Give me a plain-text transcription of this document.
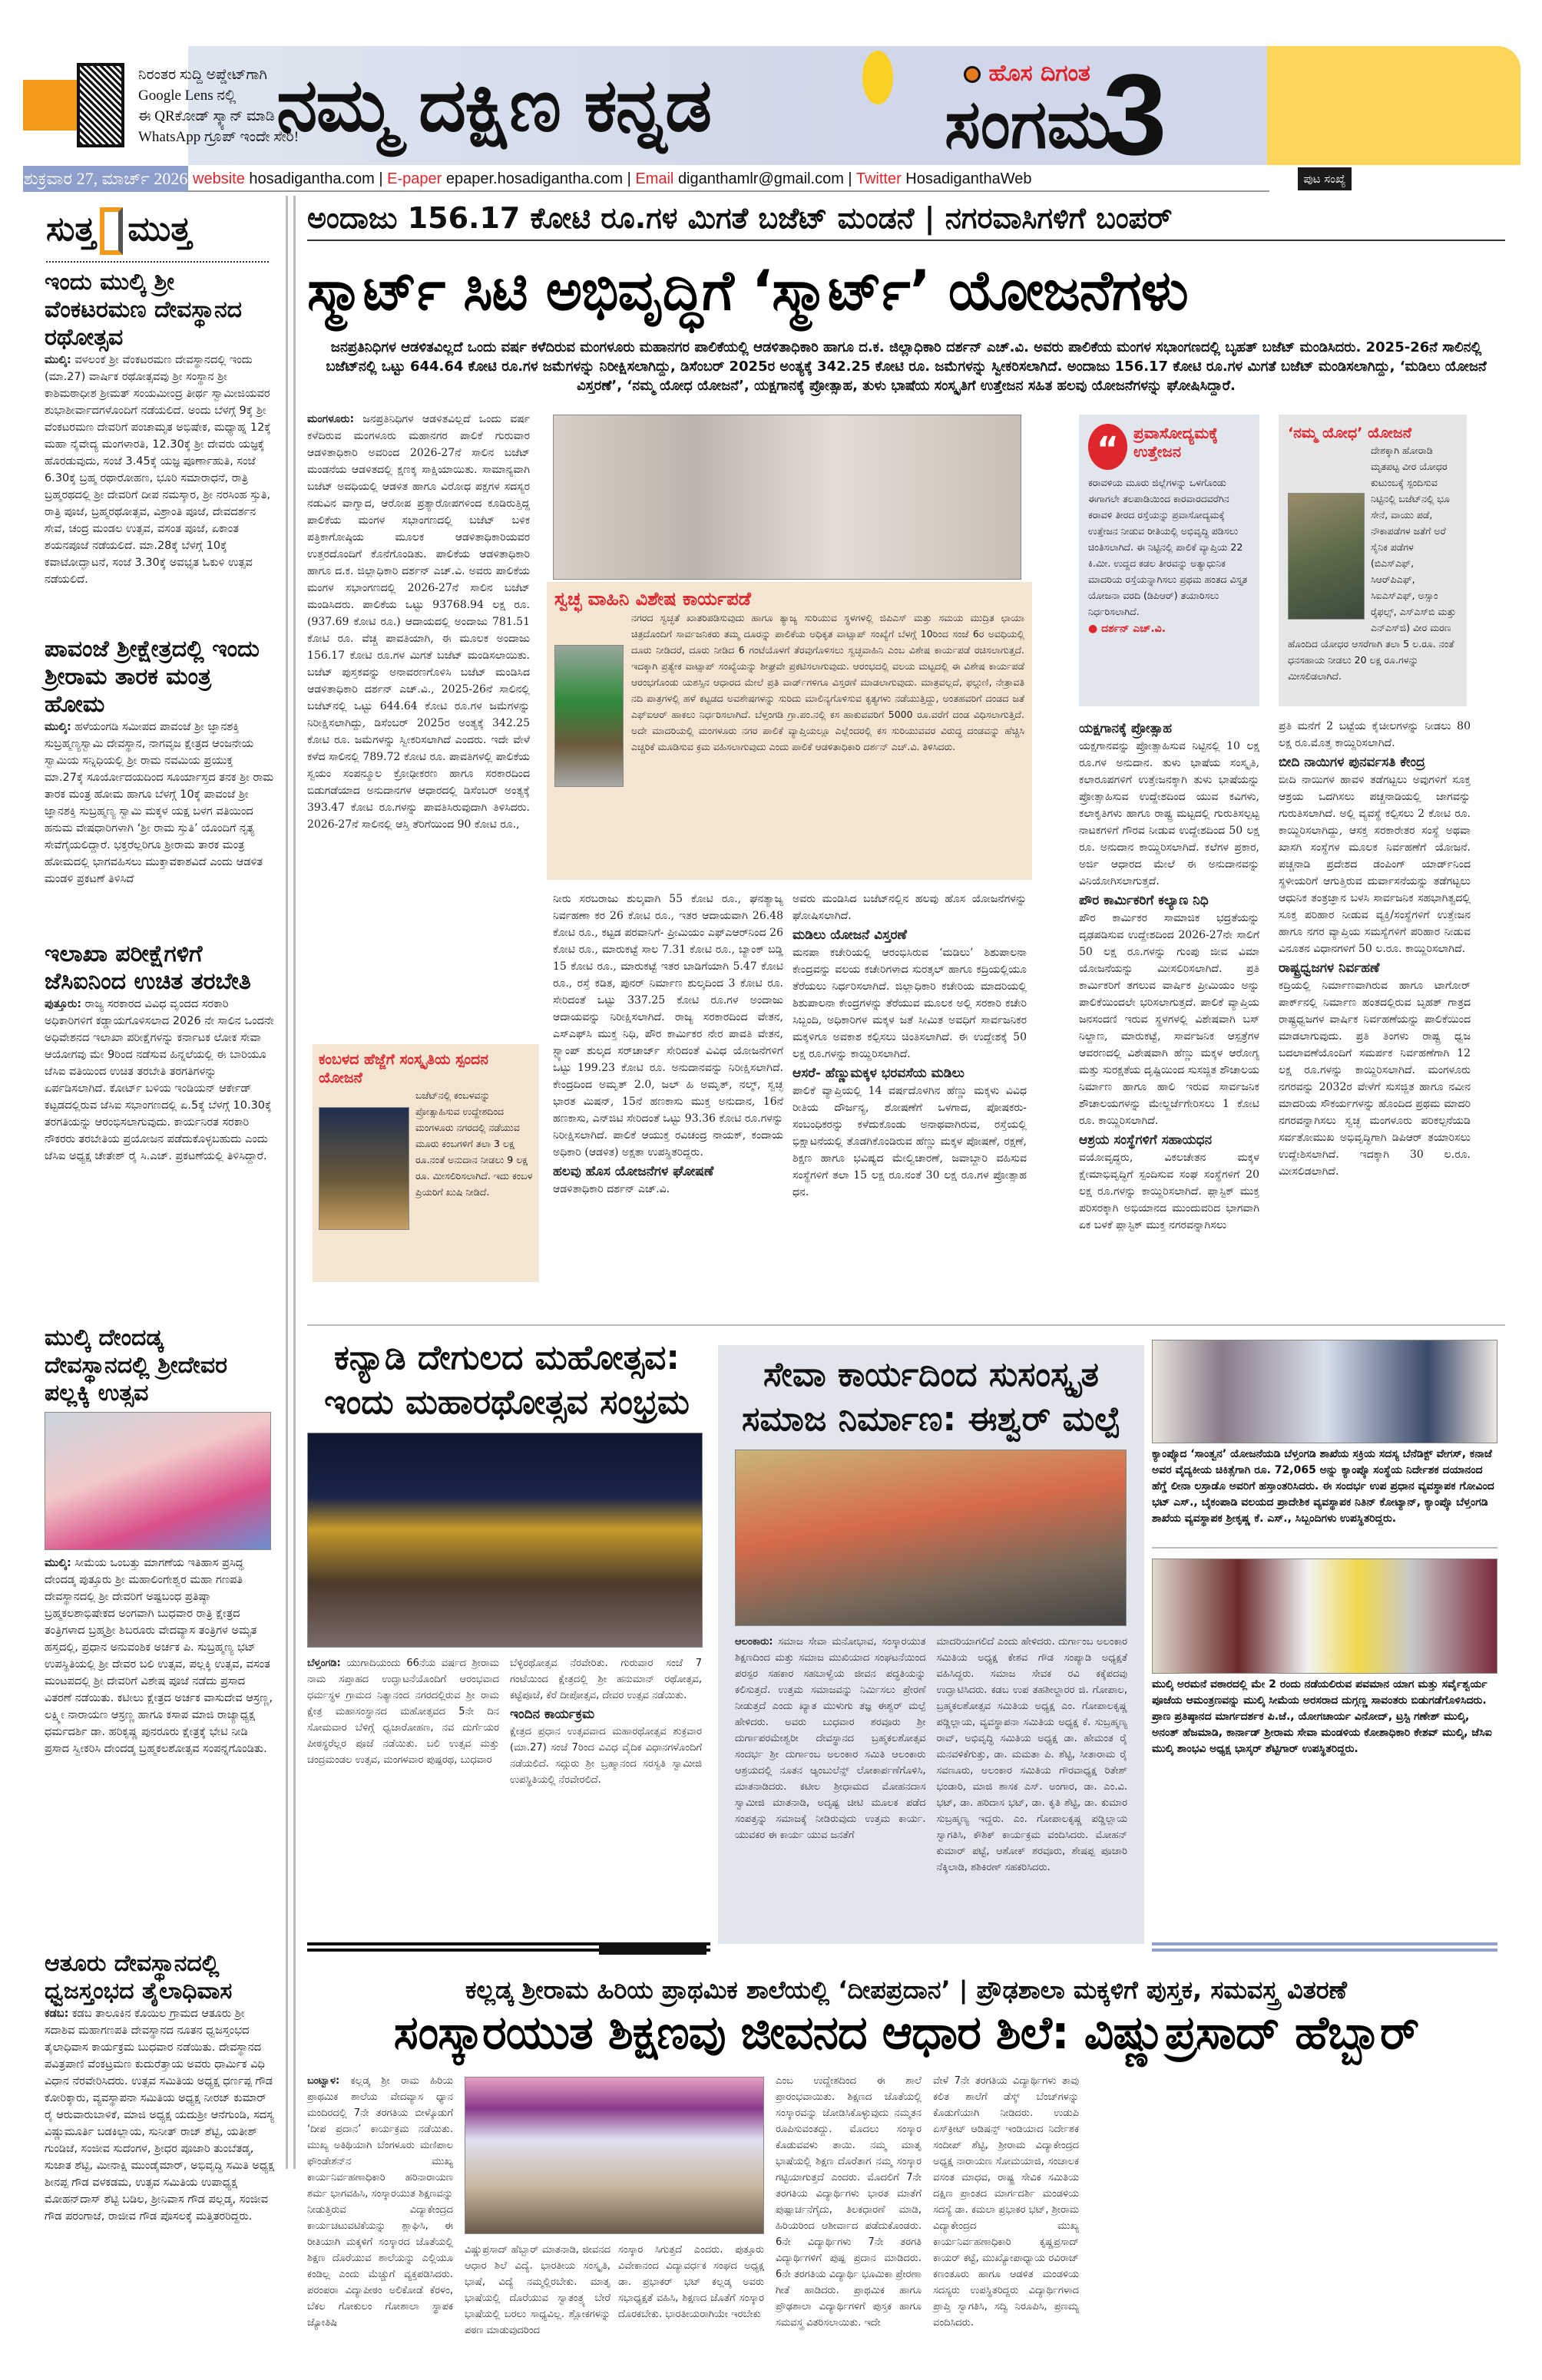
ನಿರಂತರ ಸುದ್ದಿ ಅಪ್ಡೇಟ್‌ಗಾಗಿ
Google Lens ನಲ್ಲಿ
ಈ QRಕೋಡ್ ಸ್ಕ್ಯಾನ್ ಮಾಡಿ
WhatsApp ಗ್ರೂಪ್ ಇಂದೇ ಸೇರಿ!
ನಮ್ಮ ದಕ್ಷಿಣ ಕನ್ನಡ	ಹೊಸ ದಿಗಂತ
ಸಂಗಮ
3
ಶುಕ್ರವಾರ 27, ಮಾರ್ಚ್ 2026 website hosadigantha.com | E-paper epaper.hosadigantha.com | Email diganthamlr@gmail.com | Twitter HosadiganthaWeb	ಪುಟ ಸಂಖ್ಯೆ
ಸುತ್ತ ಮುತ್ತ
ಇಂದು ಮುಲ್ಕಿ ಶ್ರೀ ವೆಂಕಟರಮಣ ದೇವಸ್ಥಾನದ ರಥೋತ್ಸವ
ಮುಲ್ಕಿ: ವಳಲಂಕೆ ಶ್ರೀ ವೆಂಕಟರಮಣ ದೇವಸ್ಥಾನದಲ್ಲಿ ಇಂದು (ಮಾ.27) ವಾರ್ಷಿಕ ರಥೋತ್ಸವವು ಶ್ರೀ ಸಂಸ್ಥಾನ ಶ್ರೀ ಕಾಶಿಮಠಾಧೀಶ ಶ್ರೀಮತ್ ಸಂಯಮೀಂದ್ರ ತೀರ್ಥ ಸ್ವಾಮೀಜಿಯವರ ಶುಭಾಶೀರ್ವಾದಗಳೊಂದಿಗೆ ನಡೆಯಲಿದೆ. ಅಂದು ಬೆಳಗ್ಗೆ 9ಕ್ಕೆ ಶ್ರೀ ವೆಂಕಟರಮಣ ದೇವರಿಗೆ ಪಂಚಾಮೃತ ಅಭಿಷೇಕ, ಮಧ್ಯಾಹ್ನ 12ಕ್ಕೆ ಮಹಾ ನೈವೇದ್ಯ ಮಂಗಳಾರತಿ, 12.30ಕ್ಕೆ ಶ್ರೀ ದೇವರು ಯಜ್ಞಕ್ಕೆ ಹೊರಡುವುದು, ಸಂಜೆ 3.45ಕ್ಕೆ ಯಜ್ಞ ಪೂರ್ಣಾಹುತಿ, ಸಂಜೆ 6.30ಕ್ಕೆ ಬ್ರಹ್ಮ ರಥಾರೋಹಣ, ಭೂರಿ ಸಮಾರಾಧನೆ, ರಾತ್ರಿ ಬ್ರಹ್ಮರಥದಲ್ಲಿ ಶ್ರೀ ದೇವರಿಗೆ ದೀಪ ನಮಸ್ಕಾರ, ಶ್ರೀ ನರಸಿಂಹ ಸ್ತುತಿ, ರಾತ್ರಿ ಪೂಜೆ, ಬ್ರಹ್ಮರಥೋತ್ಸವ, ವಿಶ್ರಾಂತಿ ಪೂಜೆ, ದೇವದರ್ಶನ ಸೇವೆ, ಚಂದ್ರ ಮಂಡಲ ಉತ್ಸವ, ವಸಂತ ಪೂಜೆ, ಏಕಾಂತ ಶಯನಪೂಜೆ ನಡೆಯಲಿದೆ. ಮಾ.28ಕ್ಕೆ ಬೆಳಗ್ಗೆ 10ಕ್ಕೆ ಕವಾಟೋದ್ಘಾಟನೆ, ಸಂಜೆ 3.30ಕ್ಕೆ ಅವಭೃತ ಓಕುಳಿ ಉತ್ಸವ ನಡೆಯಲಿದೆ.
ಪಾವಂಜೆ ಶ್ರೀಕ್ಷೇತ್ರದಲ್ಲಿ ಇಂದು ಶ್ರೀರಾಮ ತಾರಕ ಮಂತ್ರ ಹೋಮ
ಮುಲ್ಕಿ: ಹಳೆಯಂಗಡಿ ಸಮೀಪದ ಪಾವಂಜೆ ಶ್ರೀ ಜ್ಞಾನಶಕ್ತಿ ಸುಬ್ರಹ್ಮಣ್ಯಸ್ವಾಮಿ ದೇವಸ್ಥಾನ, ನಾಗವೃಜ ಕ್ಷೇತ್ರದ ಆಂಜನೇಯ ಸ್ವಾಮಿಯ ಸನ್ನಿಧಿಯಲ್ಲಿ ಶ್ರೀ ರಾಮ ನವಮಿಯ ಪ್ರಯುಕ್ತ ಮಾ.27ಕ್ಕೆ ಸೂರ್ಯೋದಯದಿಂದ ಸೂರ್ಯಾಸ್ತದ ತನಕ ಶ್ರೀ ರಾಮ ತಾರಕ ಮಂತ್ರ ಹೋಮ ಹಾಗೂ ಬೆಳಗ್ಗೆ 10ಕ್ಕೆ ಪಾವಂಜೆ ಶ್ರೀ ಜ್ಞಾನಶಕ್ತಿ ಸುಬ್ರಹ್ಮಣ್ಯ ಸ್ವಾಮಿ ಮಕ್ಕಳ ಯಕ್ಷ ಬಳಗ ವತಿಯಿಂದ ಹನುಮ ವೇಷಧಾರಿಗಳಾಗಿ ‘ಶ್ರೀ ರಾಮ ಸ್ತುತಿ’ ಯೊಂದಿಗೆ ನೃತ್ಯ ಸೇವೆಗೈಯಲಿದ್ದಾರೆ. ಭಕ್ತರೆಲ್ಲರಿಗೂ ಶ್ರೀರಾಮ ತಾರಕ ಮಂತ್ರ ಹೋಮದಲ್ಲಿ ಭಾಗವಹಿಸಲು ಮುಕ್ತಾವಕಾಶವಿದೆ ಎಂದು ಆಡಳಿತ ಮಂಡಳಿ ಪ್ರಕಟಣೆ ತಿಳಿಸಿದೆ
ಇಲಾಖಾ ಪರೀಕ್ಷೆಗಳಿಗೆ ಜೆಸಿಐನಿಂದ ಉಚಿತ ತರಬೇತಿ
ಪುತ್ತೂರು: ರಾಜ್ಯ ಸರಕಾರದ ವಿವಿಧ ವೃಂದದ ಸರಕಾರಿ ಅಧಿಕಾರಿಗಳಿಗೆ ಕಡ್ಡಾಯಗೊಳಿಸಲಾದ 2026 ನೇ ಸಾಲಿನ ಒಂದನೇ ಅಧಿವೇಶನದ ಇಲಾಖಾ ಪರೀಕ್ಷೆಗಳನ್ನು ಕರ್ನಾಟಕ ಲೋಕ ಸೇವಾ ಆಯೋಗವು ಮೇ 9ರಿಂದ ನಡೆಸುವ ಹಿನ್ನಲೆಯಲ್ಲಿ ಈ ಬಾರಿಯೂ ಜೆಸಿಐ ವತಿಯಿಂದ ಉಚಿತ ತರಬೇತಿ ತರಗತಿಗಳನ್ನು ಏರ್ಪಡಿಸಲಾಗಿದೆ. ಕೋರ್ಟ್ ಬಳಿಯ ಇಂಡಿಯನ್ ಆರ್ಕೇಡ್ ಕಟ್ಟಡದಲ್ಲಿರುವ ಜೆಸಿಐ ಸಭಾಂಗಣದಲ್ಲಿ ಏ.5ಕ್ಕೆ ಬೆಳಗ್ಗೆ 10.30ಕ್ಕೆ ತರಗತಿಯನ್ನು ಆರಂಭಿಸಲಾಗುವುದು. ಕಾರ್ಯನಿರತ ಸರಕಾರಿ ನೌಕರರು ತರಬೇತಿಯ ಪ್ರಯೋಜನ ಪಡೆದುಕೊಳ್ಳಬಹುದು ಎಂದು ಜೆಸಿಐ ಅಧ್ಯಕ್ಷ ಚೇತೇಶ್ ರೈ ಸಿ.ಎಚ್. ಪ್ರಕಟಣೆಯಲ್ಲಿ ತಿಳಿಸಿದ್ದಾರೆ.
ಮುಲ್ಕಿ ದೇಂದಡ್ಕ ದೇವಸ್ಥಾನದಲ್ಲಿ ಶ್ರೀದೇವರ ಪಲ್ಲಕ್ಕಿ ಉತ್ಸವ
ಮುಲ್ಕಿ: ಸೀಮೆಯ ಒಂಬತ್ತು ಮಾಗಣೆಯ ಇತಿಹಾಸ ಪ್ರಸಿದ್ಧ ದೇಂದಡ್ಕ ಪುತ್ತೂರು ಶ್ರೀ ಮಹಾಲಿಂಗೇಶ್ವರ ಮಹಾ ಗಣಪತಿ ದೇವಸ್ಥಾನದಲ್ಲಿ ಶ್ರೀ ದೇವರಿಗೆ ಅಷ್ಟಬಂಧ ಪ್ರತಿಷ್ಠಾ ಬ್ರಹ್ಮಕಲಶಾಭಿಷೇಕದ ಅಂಗವಾಗಿ ಬುಧವಾರ ರಾತ್ರಿ ಕ್ಷೇತ್ರದ ತಂತ್ರಿಗಳಾದ ಬ್ರಹ್ಮಶ್ರೀ ಶಿಬರೂರು ವೇದವ್ಯಾಸ ತಂತ್ರಿಗಳ ಅಮೃತ ಹಸ್ತದಲ್ಲಿ, ಪ್ರಧಾನ ಅನುವಂಶಿಕ ಅರ್ಚಕ ಪಿ. ಸುಬ್ರಹ್ಮಣ್ಯ ಭಟ್ ಉಪಸ್ಥಿತಿಯಲ್ಲಿ ಶ್ರೀ ದೇವರ ಬಲಿ ಉತ್ಸವ, ಪಲ್ಲಕ್ಕಿ ಉತ್ಸವ, ವಸಂತ ಮಂಟಪದಲ್ಲಿ ಶ್ರೀ ದೇವರಿಗೆ ವಿಶೇಷ ಪೂಜೆ ನಡೆದು ಪ್ರಸಾದ ವಿತರಣೆ ನಡೆಯಿತು. ಕಟೀಲು ಕ್ಷೇತ್ರದ ಅರ್ಚಕ ವಾಸುದೇವ ಆಸ್ರಣ್ಣ, ಲಕ್ಷ್ಮೀ ನಾರಾಯಣ ಆಸ್ರಣ್ಣ ಹಾಗೂ ಕಸಾಪ ಮಾಜಿ ರಾಜ್ಯಾಧ್ಯಕ್ಷ ಧರ್ಮದರ್ಶಿ ಡಾ. ಹರಿಕೃಷ್ಣ ಪುನರೂರು ಕ್ಷೇತ್ರಕ್ಕೆ ಭೇಟಿ ನೀಡಿ ಪ್ರಸಾದ ಸ್ವೀಕರಿಸಿ ದೇಂದಡ್ಕ ಬ್ರಹ್ಮಕಲಶೋತ್ಸವ ಸಂಪನ್ನಗೊಂಡಿತು.
ಆತೂರು ದೇವಸ್ಥಾನದಲ್ಲಿ ಧ್ವಜಸ್ತಂಭದ ತೈಲಾಧಿವಾಸ
ಕಡಬ: ಕಡಬ ತಾಲೂಕಿನ ಕೊಯಿಲ ಗ್ರಾಮದ ಆತೂರು ಶ್ರೀ ಸದಾಶಿವ ಮಹಾಗಣಪತಿ ದೇವಸ್ಥಾನದ ನೂತನ ಧ್ವಜಸ್ತಂಭದ ತೈಲಾಧಿವಾಸ ಕಾರ್ಯಕ್ರಮ ಬುಧವಾರ ನಡೆಯಿತು. ದೇವಸ್ಥಾನದ ಪವಿತ್ರಪಾಣಿ ವೆಂಕಟ್ರಮಣ ಕುದುರೆತ್ತಾಯ ಅವರು ಧಾರ್ಮಿಕ ವಿಧಿ ವಿಧಾನ ನೆರವೇರಿಸಿದರು. ಉತ್ಸವ ಸಮಿತಿಯ ಅಧ್ಯಕ್ಷ ಧರ್ಣಪ್ಪ ಗೌಡ ಕೋರಿಕ್ಕಾರು, ವ್ಯವಸ್ಥಾಪನಾ ಸಮಿತಿಯ ಅಧ್ಯಕ್ಷ ನೀರಜ್ ಕುಮಾರ್ ರೈ ಆರುವಾರುಬಾಳಿಕೆ, ಮಾಜಿ ಅಧ್ಯಕ್ಷ ಯದುಶ್ರೀ ಆನೆಗುಂಡಿ, ಸದಸ್ಯ ವಿಷ್ಣುಮೂರ್ತಿ ಬಡಕಿಲ್ಲಾಯ, ಸುನೀತ್ ರಾಜ್ ಶೆಟ್ಟಿ, ಯತೀಶ್ ಗುಂಡಿಜೆ, ಸಂಜೀವ ಸುದೆಂಗಳ, ಶ್ರೀಧರ ಪೂಜಾರಿ ತುಂಬೆತಡ್ಕ, ಸುಜಾತ ಶೆಟ್ಟಿ, ಮೀನಾಕ್ಷಿ ಮುಂಡೈಮಾರ್, ಅಭಿವೃದ್ಧಿ ಸಮಿತಿ ಅಧ್ಯಕ್ಷ ಶೀನಪ್ಪ ಗೌಡ ವಳಕಡಮ, ಉತ್ಸವ ಸಮಿತಿಯ ಉಪಾಧ್ಯಕ್ಷ ಮೋಹನ್‌ದಾಸ್ ಶೆಟ್ಟಿ ಬಡಿಲ, ಶ್ರೀನಿವಾಸ ಗೌಡ ಪಲ್ಲಡ್ಕ, ಸಂಜೀವ ಗೌಡ ಪರಂಗಾಜೆ, ರಾಜೀವ ಗೌಡ ಪೊಸಲಕ್ಕೆ ಮತ್ತಿತರರಿದ್ದರು.
ಅಂದಾಜು 156.17 ಕೋಟಿ ರೂ.ಗಳ ಮಿಗತೆ ಬಜೆಟ್ ಮಂಡನೆ | ನಗರವಾಸಿಗಳಿಗೆ ಬಂಪರ್
ಸ್ಮಾರ್ಟ್ ಸಿಟಿ ಅಭಿವೃದ್ಧಿಗೆ ‘ಸ್ಮಾರ್ಟ್’ ಯೋಜನೆಗಳು
ಜನಪ್ರತಿನಿಧಿಗಳ ಆಡಳಿತವಿಲ್ಲದೆ ಒಂದು ವರ್ಷ ಕಳೆದಿರುವ ಮಂಗಳೂರು ಮಹಾನಗರ ಪಾಲಿಕೆಯಲ್ಲಿ ಆಡಳಿತಾಧಿಕಾರಿ ಹಾಗೂ ದ.ಕ. ಜಿಲ್ಲಾಧಿಕಾರಿ ದರ್ಶನ್ ಎಚ್.ವಿ. ಅವರು ಪಾಲಿಕೆಯ ಮಂಗಳ ಸಭಾಂಗಣದಲ್ಲಿ ಬೃಹತ್ ಬಜೆಟ್ ಮಂಡಿಸಿದರು. 2025-26ನೆ ಸಾಲಿನಲ್ಲಿ ಬಜೆಟ್‌ನಲ್ಲಿ ಒಟ್ಟು 644.64 ಕೋಟಿ ರೂ.ಗಳ ಜಮೆಗಳನ್ನು ನಿರೀಕ್ಷಿಸಲಾಗಿದ್ದು, ಡಿಸೆಂಬರ್ 2025ರ ಅಂತ್ಯಕ್ಕೆ 342.25 ಕೋಟಿ ರೂ. ಜಮೆಗಳನ್ನು ಸ್ವೀಕರಿಸಲಾಗಿದೆ. ಅಂದಾಜು 156.17 ಕೋಟಿ ರೂ.ಗಳ ಮಿಗತೆ ಬಜೆಟ್ ಮಂಡಿಸಲಾಗಿದ್ದು, ‘ಮಡಿಲು ಯೋಜನೆ ವಿಸ್ತರಣೆ’, ‘ನಮ್ಮ ಯೋಧ ಯೋಜನೆ’, ಯಕ್ಷಗಾನಕ್ಕೆ ಪ್ರೋತ್ಸಾಹ, ತುಳು ಭಾಷೆಯ ಸಂಸ್ಕೃತಿಗೆ ಉತ್ತೇಜನ ಸಹಿತ ಹಲವು ಯೋಜನೆಗಳನ್ನು ಘೋಷಿಸಿದ್ದಾರೆ.
ಮಂಗಳೂರು: ಜನಪ್ರತಿನಿಧಿಗಳ ಆಡಳಿತವಿಲ್ಲದೆ ಒಂದು ವರ್ಷ ಕಳೆದಿರುವ ಮಂಗಳೂರು ಮಹಾನಗರ ಪಾಲಿಕೆ ಗುರುವಾರ ಆಡಳಿತಾಧಿಕಾರಿ ಅವರಿಂದ 2026-27ನೆ ಸಾಲಿನ ಬಜೆಟ್ ಮಂಡನೆಯ ಆಡಳಿತದಲ್ಲಿ ಕ್ಷಣಕ್ಕ ಸಾಕ್ಷಿಯಾಯಿತು. ಸಾಮಾನ್ಯವಾಗಿ ಬಜೆಟ್ ಅವಧಿಯಲ್ಲಿ ಆಡಳಿತ ಹಾಗೂ ವಿರೋಧ ಪಕ್ಷಗಳ ಸದಸ್ಯರ ನಡುವಿನ ವಾಗ್ವಾದ, ಆರೋಪ ಪ್ರತ್ಯಾರೋಪಗಳಿಂದ ಕೂಡಿರುತ್ತಿದ್ದ ಪಾಲಿಕೆಯ ಮಂಗಳ ಸಭಾಂಗಣದಲ್ಲಿ ಬಜೆಟ್ ಬಳಿಕ ಪತ್ರಿಕಾಗೋಷ್ಠಿಯ ಮೂಲಕ ಆಡಳಿತಾಧಿಕಾರಿಯವರ ಉತ್ತರದೊಂದಿಗೆ ಕೊನೆಗೊಂಡಿತು. ಪಾಲಿಕೆಯ ಆಡಳಿತಾಧಿಕಾರಿ ಹಾಗೂ ದ.ಕ. ಜಿಲ್ಲಾಧಿಕಾರಿ ದರ್ಶನ್ ಎಚ್.ವಿ. ಅವರು ಪಾಲಿಕೆಯ ಮಂಗಳ ಸಭಾಂಗಣದಲ್ಲಿ 2026-27ನೆ ಸಾಲಿನ ಬಜೆಟ್ ಮಂಡಿಸಿದರು. ಪಾಲಿಕೆಯ ಒಟ್ಟು 93768.94 ಲಕ್ಷ ರೂ. (937.69 ಕೋಟಿ ರೂ.) ಆದಾಯದಲ್ಲಿ ಅಂದಾಜು 781.51 ಕೋಟಿ ರೂ. ವೆಚ್ಚ ಪಾವತಿಯಾಗಿ, ಈ ಮೂಲಕ ಅಂದಾಜು 156.17 ಕೋಟಿ ರೂ.ಗಳ ಮಿಗತೆ ಬಜೆಟ್ ಮಂಡಿಸಲಾಯಿತು. ಬಜೆಟ್ ಪುಸ್ತಕವನ್ನು ಅನಾವರಣಗೊಳಿಸಿ ಬಜೆಟ್ ಮಂಡಿಸಿದ ಆಡಳಿತಾಧಿಕಾರಿ ದರ್ಶನ್ ಎಚ್.ವಿ., 2025-26ನೆ ಸಾಲಿನಲ್ಲಿ ಬಜೆಟ್‌ನಲ್ಲಿ ಒಟ್ಟು 644.64 ಕೋಟಿ ರೂ.ಗಳ ಜಮೆಗಳನ್ನು ನಿರೀಕ್ಷಿಸಲಾಗಿದ್ದು, ಡಿಸೆಂಬರ್ 2025ರ ಅಂತ್ಯಕ್ಕೆ 342.25 ಕೋಟಿ ರೂ. ಜಮೆಗಳನ್ನು ಸ್ವೀಕರಿಸಲಾಗಿದೆ ಎಂದರು. ಇದೇ ವೇಳೆ ಕಳೆದ ಸಾಲಿನಲ್ಲಿ 789.72 ಕೋಟಿ ರೂ. ಪಾವತಿಗಳಲ್ಲಿ ಪಾಲಿಕೆಯ ಸ್ವಯಂ ಸಂಪನ್ಮೂಲ ಕ್ರೋಢೀಕರಣ ಹಾಗೂ ಸರಕಾರದಿಂದ ಬಿಡುಗಡೆಯಾದ ಅನುದಾನಗಳ ಆಧಾರದಲ್ಲಿ ಡಿಸೆಂಬರ್ ಅಂತ್ಯಕ್ಕೆ 393.47 ಕೋಟಿ ರೂ.ಗಳನ್ನು ಪಾವತಿಸಿರುವುದಾಗಿ ತಿಳಿಸಿದರು. 2026-27ನೆ ಸಾಲಿನಲ್ಲಿ ಆಸ್ತಿ ತೆರಿಗೆಯಿಂದ 90 ಕೋಟಿ ರೂ.,
ಸ್ವಚ್ಛ ವಾಹಿನಿ ವಿಶೇಷ ಕಾರ್ಯಪಡೆ
ನಗರದ ಸ್ವಚ್ಛತೆ ಖಾತರಿಪಡಿಸುವುದು ಹಾಗೂ ತ್ಯಾಜ್ಯ ಸುರಿಯುವ ಸ್ಥಳಗಳಲ್ಲಿ ಜಿಪಿಎಸ್ ಮತ್ತು ಸಮಯ ಮುದ್ರಿತ ಛಾಯಾ ಚಿತ್ರದೊಂದಿಗೆ ಸಾರ್ವಜನಿಕರು ತಮ್ಮ ದೂರನ್ನು ಪಾಲಿಕೆಯ ಅಧಿಕೃತ ವಾಟ್ಸಾಪ್ ಸಂಖ್ಯೆಗೆ ಬೆಳಗ್ಗೆ 10ರಿಂದ ಸಂಜೆ 6ರ ಅವಧಿಯಲ್ಲಿ ದೂರು ನೀಡಿದರೆ, ದೂರು ನೀಡಿದ 6 ಗಂಟೆಯೊಳಗೆ ತೆರವುಗೊಳಿಸಲು ಸ್ವಚ್ಛವಾಹಿನಿ ಎಂಬ ವಿಶೇಷ ಕಾರ್ಯಪಡೆ ರಚಿಸಲಾಗುತ್ತದೆ. ಇದಕ್ಕಾಗಿ ಪ್ರತ್ಯೇಕ ವಾಟ್ಸಾಪ್ ಸಂಖ್ಯೆಯನ್ನು ಶೀಘ್ರವೇ ಪ್ರಕಟಿಸಲಾಗುವುದು. ಆರಂಭದಲ್ಲಿ ವಲಯ ಮಟ್ಟದಲ್ಲಿ ಈ ವಿಶೇಷ ಕಾರ್ಯಪಡೆ ಆರಂಭಗೊಂಡು ಯಶಸ್ಸಿನ ಆಧಾರದ ಮೇಲೆ ಪ್ರತಿ ವಾರ್ಡ್‌ಗಳಿಗೂ ವಿಸ್ತರಣೆ ಮಾಡಲಾಗುವುದು. ಮಾತ್ರವಲ್ಲದೆ, ಫಲ್ಗುಣಿ, ನೇತ್ರಾವತಿ ನದಿ ಪಾತ್ರಗಳಲ್ಲಿ ಹಳೆ ಕಟ್ಟಡದ ಅವಶೇಷಗಳನ್ನು ಸುರಿದು ಮಾಲಿನ್ಯಗೊಳಿಸುವ ಕೃತ್ಯಗಳು ನಡೆಯುತ್ತಿದ್ದು, ಅಂತಹವರಿಗೆ ದಂಡದ ಜತೆ ಎಫ್‌ಐಆರ್ ಹಾಕಲು ನಿರ್ಧರಿಸಲಾಗಿದೆ. ಬೆಳ್ತಂಗಡಿ ಗ್ರಾ.ಪಂ.ನಲ್ಲಿ ಕಸ ಹಾಕುವವರಿಗೆ 5000 ರೂ.ವರೆಗೆ ದಂಡ ವಿಧಿಸಲಾಗುತ್ತಿದೆ. ಅದೇ ಮಾದರಿಯಲ್ಲಿ ಮಂಗಳೂರು ನಗರ ಪಾಲಿಕೆ ವ್ಯಾಪ್ತಿಯಲ್ಲೂ ಎಲ್ಲೆಂದರಲ್ಲಿ ಕಸ ಸುರಿಯುವವರ ವಿರುದ್ಧ ದಂಡವನ್ನು ಹೆಚ್ಚಿಸಿ ಎಚ್ಚರಿಕೆ ಮೂಡಿಸುವ ಕ್ರಮ ವಹಿಸಲಾಗುವುದು ಎಂದು ಪಾಲಿಕೆ ಆಡಳಿತಾಧಿಕಾರಿ ದರ್ಶನ್ ಎಚ್.ವಿ. ತಿಳಿಸಿದರು.
“ ಪ್ರವಾಸೋದ್ಯಮಕ್ಕೆ ಉತ್ತೇಜನ
ಕರಾವಳಿಯ ಮೂರು ಜಿಲ್ಲೆಗಳನ್ನು ಒಳಗೊಂಡು ಈಗಾಗಲೇ ತಲಪಾಡಿಯಿಂದ ಕಾರವಾರದವರೆಗಿನ ಕರಾವಳಿ ತೀರದ ರಸ್ತೆಯನ್ನು ಪ್ರವಾಸೋದ್ಯಮಕ್ಕೆ ಉತ್ತೇಜನ ನೀಡುವ ರೀತಿಯಲ್ಲಿ ಅಭಿವೃದ್ಧಿ ಪಡಿಸಲು ಚಿಂತಿಸಲಾಗಿದೆ. ಈ ನಿಟ್ಟಿನಲ್ಲಿ ಪಾಲಿಕೆ ವ್ಯಾಪ್ತಿಯ 22 ಕಿ.ಮೀ. ಉದ್ದದ ಕಡಲ ತೀರವನ್ನು ಅತ್ಯಾಧುನಿಕ ಮಾದರಿಯ ರಸ್ತೆಯನ್ನಾಗಿಸಲು ಪ್ರಥಮ ಹಂತದ ವಿಸ್ತೃತ ಯೋಜನಾ ವರದಿ (ಡಿಪಿಆರ್) ತಯಾರಿಸಲು ನಿರ್ಧರಿಸಲಾಗಿದೆ.
● ದರ್ಶನ್ ಎಚ್.ವಿ.
‘ನಮ್ಮ ಯೋಧ’ ಯೋಜನೆ
ದೇಶಕ್ಕಾಗಿ ಹೋರಾಡಿ ಮೃತಪಟ್ಟ ವೀರ ಯೋಧರ ಕುಟುಂಬಕ್ಕೆ ಸ್ಪಂದಿಸುವ ನಿಟ್ಟಿನಲ್ಲಿ ಬಜೆಟ್‌ನಲ್ಲಿ ಭೂ ಸೇನೆ, ವಾಯು ಪಡೆ, ನೌಕಾಪಡೆಗಳ ಜತೆಗೆ ಅರೆ ಸೈನಿಕ ಪಡೆಗಳ (ಬಿಎಸ್‌ಎಫ್, ಸಿಆರ್‌ಪಿಎಫ್, ಸಿಐಎಸ್‌ಎಫ್, ಅಸ್ಸಾಂ ರೈಫಲ್ಸ್, ಎಸ್‌ಎಸ್‌ಬಿ ಮತ್ತು ಎನ್‌ಎಸ್‌ಜಿ) ವೀರ ಮರಣ ಹೊಂದಿದ ಯೋಧರ ಆಸರೆಗಾಗಿ ತಲಾ 5 ಲ.ರೂ. ನಂತೆ ಧನಸಹಾಯ ನೀಡಲು 20 ಲಕ್ಷ ರೂ.ಗಳನ್ನು ಮೀಸಲಿಡಲಾಗಿದೆ.
ಕಂಬಳದ ಹೆಜ್ಜೆಗೆ ಸಂಸ್ಕೃತಿಯ ಸ್ಪಂದನ ಯೋಜನೆ
ಬಜೆಟ್‌ನಲ್ಲಿ ಕಂಬಳವನ್ನು ಪ್ರೋತ್ಸಾಹಿಸುವ ಉದ್ದೇಶದಿಂದ ಮಂಗಳೂರು ನಗರದಲ್ಲಿ ನಡೆಯುವ ಮೂರು ಕಂಬಗಳಿಗೆ ತಲಾ 3 ಲಕ್ಷ ರೂ.ನಂತೆ ಅನುದಾನ ನೀಡಲು 9 ಲಕ್ಷ ರೂ. ಮೀಸಲಿರಿಸಲಾಗಿದೆ. ಇದು ಕಂಬಳ ಪ್ರಿಯರಿಗೆ ಖುಷಿ ನೀಡಿದೆ.
ನೀರು ಸರಬರಾಜು ಶುಲ್ಕವಾಗಿ 55 ಕೋಟಿ ರೂ., ಘನತ್ಯಾಜ್ಯ ನಿರ್ವಹಣಾ ಕರ 26 ಕೋಟಿ ರೂ., ಇತರ ಆದಾಯವಾಗಿ 26.48 ಕೋಟಿ ರೂ., ಕಟ್ಟಡ ಪರವಾನಿಗೆ- ಪ್ರೀಮಿಯಂ ಎಫ್‌ಎಆರ್‌ನಿಂದ 26 ಕೋಟಿ ರೂ., ಮಾರುಕಟ್ಟೆ ಸಾಲ 7.31 ಕೋಟಿ ರೂ., ಬ್ಯಾಂಕ್ ಬಡ್ಡಿ 15 ಕೋಟಿ ರೂ., ಮಾರುಕಟ್ಟೆ ಇತರ ಬಾಡಿಗೆಯಾಗಿ 5.47 ಕೋಟಿ ರೂ., ರಸ್ತೆ ಕಡಿತ, ಪುನರ್ ನಿರ್ಮಾಣ ಶುಲ್ಕದಿಂದ 3 ಕೋಟಿ ರೂ. ಸೇರಿದಂತೆ ಒಟ್ಟು 337.25 ಕೋಟಿ ರೂ.ಗಳ ಅಂದಾಜು ಆದಾಯವನ್ನು ನಿರೀಕ್ಷಿಸಲಾಗಿದೆ. ರಾಜ್ಯ ಸರಕಾರದಿಂದ ವೇತನ, ಎಸ್‌ಎಫ್‌ಸಿ ಮುಕ್ತ ನಿಧಿ, ಪೌರ ಕಾರ್ಮಿಕರ ನೇರ ಪಾವತಿ ವೇತನ, ಸ್ಟ್ಯಾಂಪ್ ಶುಲ್ಕದ ಸರ್‌ಚಾರ್ಜ್ ಸೇರಿದಂತೆ ವಿವಿಧ ಯೋಜನೆಗಳಿಗೆ ಒಟ್ಟು 199.23 ಕೋಟಿ ರೂ. ಅನುದಾನವನ್ನು ನಿರೀಕ್ಷಿಸಲಾಗಿದೆ. ಕೇಂದ್ರದಿಂದ ಅಮೃತ್ 2.0, ಜಲ್ ಹಿ ಅಮೃತ್, ನಲ್ಮ್, ಸ್ವಚ್ಛ ಭಾರತ ಮಿಷನ್, 15ನೆ ಹಣಕಾಸು ಮುಕ್ತ ಅನುದಾನ, 16ನೆ ಹಣಕಾಸು, ಎನ್‌ಜಿಟಿ ಸೇರಿದಂತೆ ಒಟ್ಟು 93.36 ಕೋಟಿ ರೂ.ಗಳನ್ನು ನಿರೀಕ್ಷಿಸಲಾಗಿದೆ. ಪಾಲಿಕೆ ಆಯುಕ್ತ ರವಿಚಂದ್ರ ನಾಯಕ್, ಕಂದಾಯ ಅಧಿಕಾರಿ (ಆಡಳಿತ) ಅಕ್ಷತಾ ಉಪಸ್ಥಿತರಿದ್ದರು.
ಹಲವು ಹೊಸ ಯೋಜನೆಗಳ ಘೋಷಣೆ
ಆಡಳಿತಾಧಿಕಾರಿ ದರ್ಶನ್ ಎಚ್.ವಿ.
ಅವರು ಮಂಡಿಸಿದ ಬಜೆಟ್‌ನಲ್ಲಿನ ಹಲವು ಹೊಸ ಯೋಜನೆಗಳನ್ನು ಘೋಷಿಸಲಾಗಿದೆ.
ಮಡಿಲು ಯೋಜನೆ ವಿಸ್ತರಣೆ
ಮನಪಾ ಕಚೇರಿಯಲ್ಲಿ ಆರಂಭಿಸಿರುವ ‘ಮಡಿಲು’ ಶಿಶುಪಾಲನಾ ಕೇಂದ್ರವನ್ನು ವಲಯ ಕಚೇರಿಗಳಾದ ಸುರತ್ಕಲ್ ಹಾಗೂ ಕದ್ರಿಯಲ್ಲಿಯೂ ತೆರೆಯಲು ನಿರ್ಧರಿಸಲಾಗಿದೆ. ಜಿಲ್ಲಾಧಿಕಾರಿ ಕಚೇರಿಯ ಮಾದರಿಯಲ್ಲಿ ಶಿಶುಪಾಲನಾ ಕೇಂದ್ರಗಳನ್ನು ತೆರೆಯುವ ಮೂಲಕ ಅಲ್ಲಿ ಸರಕಾರಿ ಕಚೇರಿ ಸಿಬ್ಬಂದಿ, ಅಧಿಕಾರಿಗಳ ಮಕ್ಕಳ ಜತೆ ಸೀಮಿತ ಅವಧಿಗೆ ಸಾರ್ವಜನಿಕರ ಮಕ್ಕಳಿಗೂ ಅವಕಾಶ ಕಲ್ಪಿಸಲು ಚಿಂತಿಸಲಾಗಿದೆ. ಈ ಉದ್ದೇಶಕ್ಕೆ 50 ಲಕ್ಷ ರೂ.ಗಳನ್ನು ಕಾಯ್ದಿರಿಸಲಾಗಿದೆ.
ಆಸರೆ- ಹೆಣ್ಣುಮಕ್ಕಳ ಭರವಸೆಯ ಮಡಿಲು
ಪಾಲಿಕೆ ವ್ಯಾಪ್ತಿಯಲ್ಲಿ 14 ವರ್ಷದೊಳಗಿನ ಹೆಣ್ಣು ಮಕ್ಕಳು ವಿವಿಧ ರೀತಿಯ ದೌರ್ಜನ್ಯ, ಶೋಷಣೆಗೆ ಒಳಗಾದ, ಪೋಷಕರು- ಸಂಬಂಧಿಕರನ್ನು ಕಳೆದುಕೊಂಡು ಅನಾಥವಾಗಿರುವ, ರಸ್ತೆಯಲ್ಲಿ ಭಿಕ್ಷಾಟನೆಯಲ್ಲಿ ತೊಡಗಿಕೊಂಡಿರುವ ಹೆಣ್ಣು ಮಕ್ಕಳ ಪೋಷಣೆ, ರಕ್ಷಣೆ, ಶಿಕ್ಷಣ ಹಾಗೂ ಭವಿಷ್ಯದ ಮೇಲ್ವಿಚಾರಣೆ, ಜವಾಬ್ದಾರಿ ವಹಿಸುವ ಸಂಸ್ಥೆಗಳಿಗೆ ತಲಾ 15 ಲಕ್ಷ ರೂ.ನಂತೆ 30 ಲಕ್ಷ ರೂ.ಗಳ ಪ್ರೋತ್ಸಾಹ ಧನ.
ಯಕ್ಷಗಾನಕ್ಕೆ ಪ್ರೋತ್ಸಾಹ
ಯಕ್ಷಗಾನವನ್ನು ಪ್ರೋತ್ಸಾಹಿಸುವ ನಿಟ್ಟಿನಲ್ಲಿ 10 ಲಕ್ಷ ರೂ.ಗಳ ಅನುದಾನ. ತುಳು ಭಾಷೆಯ ಸಂಸ್ಕೃತಿ, ಕಲಾರೂಪಗಳಿಗೆ ಉತ್ತೇಜನಕ್ಕಾಗಿ ತುಳು ಭಾಷೆಯನ್ನು ಪ್ರೋತ್ಸಾಹಿಸುವ ಉದ್ದೇಶದಿಂದ ಯುವ ಕವಿಗಳು, ಕಲಾಕೃತಿಗಳು ಹಾಗೂ ರಾಷ್ಟ್ರ ಮಟ್ಟದಲ್ಲಿ ಗುರುತಿಸಲ್ಪಟ್ಟ ನಾಟಕಗಳಿಗೆ ಗೌರವ ನೀಡುವ ಉದ್ದೇಶದಿಂದ 50 ಲಕ್ಷ ರೂ. ಅನುದಾನ ಕಾಯ್ದಿರಿಸಲಾಗಿದೆ. ಕಲೆಗಳ ಪ್ರಕಾರ, ಅರ್ಜಿ ಆಧಾರದ ಮೇಲೆ ಈ ಅನುದಾನವನ್ನು ವಿನಿಯೋಗಿಸಲಾಗುತ್ತದೆ.
ಪೌರ ಕಾರ್ಮಿಕರಿಗೆ ಕಲ್ಯಾಣ ನಿಧಿ
ಪೌರ ಕಾರ್ಮಿಕರ ಸಾಮಾಜಿಕ ಭದ್ರತೆಯನ್ನು ದೃಢಪಡಿಸುವ ಉದ್ದೇಶದಿಂದ 2026-27ನೇ ಸಾಲಿಗೆ 50 ಲಕ್ಷ ರೂ.ಗಳನ್ನು ಗುಂಪು ಜೀವ ವಿಮಾ ಯೋಜನೆಯನ್ನು ಮೀಸಲಿರಿಸಲಾಗಿದೆ. ಪ್ರತಿ ಕಾರ್ಮಿಕರಿಗೆ ತಗಲುವ ವಾರ್ಷಿಕ ಪ್ರೀಮಿಯಂ ಅನ್ನು ಪಾಲಿಕೆಯಿಂದಲೇ ಭರಿಸಲಾಗುತ್ತದೆ. ಪಾಲಿಕೆ ವ್ಯಾಪ್ತಿಯ ಜನಸಂದಣಿ ಇರುವ ಸ್ಥಳಗಳಲ್ಲಿ ವಿಶೇಷವಾಗಿ ಬಸ್ ನಿಲ್ದಾಣ, ಮಾರುಕಟ್ಟೆ, ಸಾರ್ವಜನಿಕ ಆಸ್ಪತ್ರೆಗಳ ಆವರಣದಲ್ಲಿ ವಿಶೇಷವಾಗಿ ಹೆಣ್ಣು ಮಕ್ಕಳ ಆರೋಗ್ಯ ಮತ್ತು ಸುರಕ್ಷತೆಯ ದೃಷ್ಟಿಯಿಂದ ಸುಸಜ್ಜಿತ ಶೌಚಾಲಯ ನಿರ್ಮಾಣ ಹಾಗೂ ಹಾಲಿ ಇರುವ ಸಾರ್ವಜನಿಕ ಶೌಚಾಲಯಗಳನ್ನು ಮೇಲ್ದರ್ಜೆಗೇರಿಸಲು 1 ಕೋಟಿ ರೂ. ಕಾಯ್ದಿರಿಸಲಾಗಿದೆ.
ಆಶ್ರಯ ಸಂಸ್ಥೆಗಳಿಗೆ ಸಹಾಯಧನ
ವಯೋವೃದ್ಧರು, ವಿಕಲಚೇತನ ಮಕ್ಕಳ ಕ್ಷೇಮಾಭಿವೃದ್ಧಿಗೆ ಸ್ಪಂದಿಸುವ ಸಂಘ ಸಂಸ್ಥೆಗಳಿಗೆ 20 ಲಕ್ಷ ರೂ.ಗಳನ್ನು ಕಾಯ್ದಿರಿಸಲಾಗಿದೆ. ಪ್ಲಾಸ್ಟಿಕ್ ಮುಕ್ತ ಪರಿಸರಕ್ಕಾಗಿ ಅಭಿಯಾನದ ಮುಂದುವರಿದ ಭಾಗವಾಗಿ ಏಕ ಬಳಕೆ ಪ್ಲಾಸ್ಟಿಕ್ ಮುಕ್ತ ನಗರವನ್ನಾಗಿಸಲು
ಪ್ರತಿ ಮನೆಗೆ 2 ಬಟ್ಟೆಯ ಕೈಚೀಲಗಳನ್ನು ನೀಡಲು 80 ಲಕ್ಷ ರೂ.ಮೊತ್ತ ಕಾಯ್ದಿರಿಸಲಾಗಿದೆ.
ಬೀದಿ ನಾಯಿಗಳ ಪುನರ್ವಸತಿ ಕೇಂದ್ರ
ಬೀದಿ ನಾಯಿಗಳ ಹಾವಳಿ ತಡೆಗಟ್ಟಲು ಅವುಗಳಿಗೆ ಸೂಕ್ತ ಆಶ್ರಯ ಒದಗಿಸಲು ಪಚ್ಚನಾಡಿಯಲ್ಲಿ ಜಾಗವನ್ನು ಗುರುತಿಸಲಾಗಿದೆ. ಅಲ್ಲಿ ವ್ಯವಸ್ಥೆ ಕಲ್ಪಿಸಲು 2 ಕೋಟಿ ರೂ. ಕಾಯ್ದಿರಿಸಲಾಗಿದ್ದು, ಆಸಕ್ತ ಸರಕಾರೇತರ ಸಂಸ್ಥೆ ಅಥವಾ ಖಾಸಗಿ ಸಂಸ್ಥೆಗಳ ಮೂಲಕ ನಿರ್ವಹಣೆಗೆ ಯೋಜನೆ. ಪಚ್ಚನಾಡಿ ಪ್ರದೇಶದ ಡಂಪಿಂಗ್ ಯಾರ್ಡ್‌ನಿಂದ ಸ್ಥಳೀಯರಿಗೆ ಆಗುತ್ತಿರುವ ದುರ್ವಾಸನೆಯನ್ನು ತಡೆಗಟ್ಟಲು ಆಧುನಿಕ ತಂತ್ರಜ್ಞಾನ ಬಳಸಿ ಸಾರ್ವಜನಿಕ ಸಹಭಾಗಿತ್ವದಲ್ಲಿ ಸೂಕ್ತ ಪರಿಹಾರ ನೀಡುವ ವ್ಯಕ್ತಿ/ಸಂಸ್ಥೆಗಳಿಗೆ ಉತ್ತೇಜನ ಹಾಗೂ ನಗರ ವ್ಯಾಪ್ತಿಯ ಸಮಸ್ಯೆಗಳಿಗೆ ಪರಿಹಾರ ನೀಡುವ ವಿನೂತನ ವಿಧಾನಗಳಿಗೆ 50 ಲ.ರೂ. ಕಾಯ್ದಿರಿಸಲಾಗಿದೆ.
ರಾಷ್ಟ್ರಧ್ವಜಗಳ ನಿರ್ವಹಣೆ
ಕದ್ರಿಯಲ್ಲಿ ನಿರ್ಮಾಣವಾಗಿರುವ ಹಾಗೂ ಟಾಗೋರ್ ಪಾರ್ಕ್‌ನಲ್ಲಿ ನಿರ್ಮಾಣ ಹಂತದಲ್ಲಿರುವ ಬೃಹತ್ ಗಾತ್ರದ ರಾಷ್ಟ್ರಧ್ವಜಗಳ ವಾರ್ಷಿಕ ನಿರ್ವಹಣೆಯನ್ನು ಪಾಲಿಕೆಯಿಂದ ಮಾಡಲಾಗುವುದು. ಪ್ರತಿ ತಿಂಗಳು ರಾಷ್ಟ್ರ ಧ್ವಜ ಬದಲಾವಣೆಯೊಂದಿಗೆ ಸಮರ್ಪಕ ನಿರ್ವಹಣೆಗಾಗಿ 12 ಲಕ್ಷ ರೂ.ಗಳನ್ನು ಕಾಯ್ದಿರಿಸಲಾಗಿದೆ. ಮಂಗಳೂರು ನಗರವನ್ನು 2032ರ ವೇಳೆಗೆ ಸುಸಜ್ಜಿತ ಹಾಗೂ ನವೀನ ಮಾದರಿಯ ಸೌಕರ್ಯಗಳನ್ನು ಹೊಂದಿದ ಪ್ರಥಮ ಮಾದರಿ ನಗರವನ್ನಾಗಿಸಲು ಸ್ವಚ್ಛ ಮಂಗಳೂರು ಪರಿಕಲ್ಪನೆಯಡಿ ಸರ್ವತೋಮುಖ ಅಭಿವೃದ್ಧಿಗಾಗಿ ಡಿಪಿಆರ್ ತಯಾರಿಸಲು ಉದ್ದೇಶಿಸಲಾಗಿದೆ. ಇದಕ್ಕಾಗಿ 30 ಲ.ರೂ. ಮೀಸಲಿಡಲಾಗಿದೆ.
ಕನ್ಯಾಡಿ ದೇಗುಲದ ಮಹೋತ್ಸವ: ಇಂದು ಮಹಾರಥೋತ್ಸವ ಸಂಭ್ರಮ
ಬೆಳ್ತಂಗಡಿ: ಯುಗಾದಿಯಂದು 66ನೆಯ ವರ್ಷದ ಶ್ರೀರಾಮ ನಾಮ ಸಪ್ತಾಹದ ಉದ್ಘಾಟನೆಯೊಂದಿಗೆ ಆರಂಭವಾದ ಧರ್ಮಸ್ಥಳ ಗ್ರಾಮದ ನಿತ್ಯಾನಂದ ನಗರದಲ್ಲಿರುವ ಶ್ರೀ ರಾಮ ಕ್ಷೇತ್ರ ಮಹಾಸಂಸ್ಥಾನದ ಮಹೋತ್ಸವದ 5ನೇ ದಿನ ಸೋಮವಾರ ಬೆಳಿಗ್ಗೆ ಧ್ವಜಾರೋಹಣ, ನವ ದುರ್ಗೆಯರ ಪೀಠಸ್ಥರೆಲ್ಲರ ಪೂಜೆ ನಡೆಯಿತು. ಬಲಿ ಉತ್ಸವ ಮತ್ತು ಚಂದ್ರಮಂಡಲ ಉತ್ಸವ, ಮಂಗಳವಾರ ಪುಷ್ಪರಥ, ಬುಧವಾರ
ಬೆಳ್ಳಿರಥೋತ್ಸವ ನೆರವೇರಿತು. ಗುರುವಾರ ಸಂಜೆ 7 ಗಂಟೆಯಿಂದ ಕ್ಷೇತ್ರದಲ್ಲಿ ಶ್ರೀ ಹನುಮಾನ್ ರಥೋತ್ಸವ, ಕಟ್ಟೆಪೂಜೆ, ಕೆರೆ ದೀಪೋತ್ಸವ, ದೇವರ ಉತ್ಸವ ನಡೆಯಿತು.
ಇಂದಿನ ಕಾರ್ಯಕ್ರಮ
ಕ್ಷೇತ್ರದ ಪ್ರಧಾನ ಉತ್ಸವವಾದ ಮಹಾರಥೋತ್ಸವ ಶುಕ್ರವಾರ (ಮಾ.27) ಸಂಜೆ 7ರಿಂದ ವಿವಿಧ ವೈದಿಕ ವಿಧಾನಗಳೊಂದಿಗೆ ನಡೆಯಲಿದೆ. ಸದ್ಗುರು ಶ್ರೀ ಬ್ರಹ್ಮಾನಂದ ಸರಸ್ವತಿ ಸ್ವಾಮೀಜಿ ಉಪಸ್ಥಿತಿಯಲ್ಲಿ ನೆರವೇರಲಿದೆ.
ಸೇವಾ ಕಾರ್ಯದಿಂದ ಸುಸಂಸ್ಕೃತ ಸಮಾಜ ನಿರ್ಮಾಣ: ಈಶ್ವರ್ ಮಲ್ಪೆ
ಆಲಂಕಾರು: ಸಮಾಜ ಸೇವಾ ಮನೋಭಾವ, ಸಂಸ್ಕಾರಯುತ ಶಿಕ್ಷಣದಿಂದ ಮತ್ತು ಸಮಾಜ ಮುಖಿಯಾದ ಸಂಘಟನೆಯಿಂದ ಪರಸ್ಪರ ಸಹಕಾರ ಸಹಬಾಳ್ವೆಯ ಜೀವನ ಪದ್ಧತಿಯನ್ನು ಕಲಿಸುತ್ತದೆ. ಉತ್ತಮ ಸಮಾಜವನ್ನು ನಿರ್ಮಿಸಲು ಪ್ರೇರಣೆ ನೀಡುತ್ತದೆ ಎಂದು ಖ್ಯಾತ ಮುಳುಗು ತಜ್ಞ ಈಶ್ವರ್ ಮಲ್ಪೆ ಹೇಳಿದರು. ಅವರು ಬುಧವಾರ ಶರವೂರು ಶ್ರೀ ದುರ್ಗಾಪರಮೇಶ್ವರೀ ದೇವಸ್ಥಾನದ ಬ್ರಹ್ಮಕಲಶೋತ್ಸವ ಸಂದರ್ಭ ಶ್ರೀ ದುರ್ಗಾಂಬ ಅಲಂಕಾರ ಸಮಿತಿ ಆಲಂಕಾರು ಆಶ್ರಯದಲ್ಲಿ ನೂತನ ಆ್ಯಂಬುಲೆನ್ಸ್ ಲೋಕಾರ್ಪಣೆಗೊಳಿಸಿ, ಮಾತನಾಡಿದರು. ಕಟೀಲ ಶ್ರೀಧಾಮದ ಮೋಹನದಾಸ ಸ್ವಾಮೀಜಿ ಮಾತನಾಡಿ, ಅದೃಷ್ಟ ಚೀಟಿ ಮೂಲಕ ಪಡೆದ ಸಂಪತ್ತನ್ನು ಸಮಾಜಕ್ಕೆ ನೀಡಿರುವುದು ಉತ್ತಮ ಕಾರ್ಯ. ಯುವಕರ ಈ ಕಾರ್ಯ ಯುವ ಜನತೆಗೆ
ಮಾದರಿಯಾಗಲಿದೆ ಎಂದು ಹೇಳಿದರು. ದುರ್ಗಾಂಬ ಅಲಂಕಾರ ಸಮಿತಿಯ ಅಧ್ಯಕ್ಷ ಕೇಶವ ಗೌಡ ಸಂಪ್ಯಾಡಿ ಅಧ್ಯಕ್ಷತೆ ವಹಿಸಿದ್ದರು. ಸಮಾಜ ಸೇವಕ ರವಿ ಕಕ್ಕೆಪದವು ಉದ್ಘಾಟಿಸಿದರು. ಕಡಬ ಉಪ ತಹಶೀಲ್ದಾರರ ಜಿ. ಗೋಪಾಲ, ಬ್ರಹ್ಮಕಲಶೋತ್ಸವ ಸಮಿತಿಯ ಅಧ್ಯಕ್ಷ ಎಂ. ಗೋಪಾಲಕೃಷ್ಣ ಪಡ್ಡಿಲ್ಲಾಯ, ವ್ಯವಸ್ಥಾಪನಾ ಸಮಿತಿಯ ಅಧ್ಯಕ್ಷ ಕೆ. ಸುಬ್ರಹ್ಮಣ್ಯ ರಾವ್, ಅಭಿವೃದ್ಧಿ ಸಮಿತಿಯ ಅಧ್ಯಕ್ಷ ಡಾ. ಹೇಮಂತ ರೈ ಮನವಳಿಕೆಗುತ್ತು, ಡಾ. ಮಮತಾ ಪಿ. ಶೆಟ್ಟಿ, ಸೀತಾರಾಮ ರೈ ಸವಣೂರು, ಅಲಂಕಾರ ಸಮಿತಿಯ ಗೌರವಾಧ್ಯಕ್ಷ ರಿತೇಶ್ ಭಂಡಾರಿ, ಮಾಜಿ ಶಾಸಕ ಎಸ್. ಅಂಗಾರ, ಡಾ. ಎಂ.ವಿ. ಭಟ್, ಡಾ. ಹರಿದಾಸ ಭಟ್, ಡಾ. ಕೃತಿ ಶೆಟ್ಟಿ, ಡಾ. ಕುಮಾರ ಸುಬ್ರಹ್ಮಣ್ಯ ಇದ್ದರು. ಎಂ. ಗೋಪಾಲಕೃಷ್ಣ ಪಡ್ಡಿಲ್ಲಾಯ ಸ್ವಾಗತಿಸಿ, ಕೌಶಿಕ್ ಕಾರ್ಯಕ್ರಮ ವಂದಿಸಿದರು. ಮೋಹನ್ ಕುಮಾರ್ ಪಟ್ಟೆ, ಆಶೋಕ್ ಶರವೂರು, ಶೇಷಪ್ಪ ಪೂಜಾರಿ ನೆಕ್ಕಿಲಾಡಿ, ಶಶಿಕಿರಣ್ ಸಹಕರಿಸಿದರು.
ಕ್ಯಾಂಪ್ಕೊದ ‘ಸಾಂತ್ವನ’ ಯೋಜನೆಯಡಿ ಬೆಳ್ತಂಗಡಿ ಶಾಖೆಯ ಸಕ್ರಿಯ ಸದಸ್ಯ ಬೆನೆಡಿಕ್ಟ್ ವೇಗಸ್, ಕನಾಜೆ ಅವರ ವೈದ್ಯಕೀಯ ಚಿಕಿತ್ಸೆಗಾಗಿ ರೂ. 72,065 ಅನ್ನು ಕ್ಯಾಂಪ್ಕೊ ಸಂಸ್ಥೆಯ ನಿರ್ದೇಶಕ ದಯಾನಂದ ಹೆಗ್ಡೆ ಲೀನಾ ಲಸ್ರಾಡೊ ಅವರಿಗೆ ಹಸ್ತಾಂತರಿಸಿದರು. ಈ ಸಂದರ್ಭ ಉಪ ಪ್ರಧಾನ ವ್ಯವಸ್ಥಾಪಕ ಗೋವಿಂದ ಭಟ್ ಎಸ್., ಬೈಕಂಪಾಡಿ ವಲಯದ ಪ್ರಾದೇಶಿಕ ವ್ಯವಸ್ಥಾಪಕ ನಿತಿನ್ ಕೋಟ್ಯಾನ್, ಕ್ಯಾಂಪ್ಕೊ ಬೆಳ್ತಂಗಡಿ ಶಾಖೆಯ ವ್ಯವಸ್ಥಾಪಕ ಶ್ರೀಕೃಷ್ಣ ಕೆ. ಎಸ್., ಸಿಬ್ಬಂದಿಗಳು ಉಪಸ್ಥಿತರಿದ್ದರು.
ಮುಲ್ಕಿ ಅರಮನೆ ವಠಾರದಲ್ಲಿ ಮೇ 2 ರಂದು ನಡೆಯಲಿರುವ ಪವಮಾನ ಯಾಗ ಮತ್ತು ಸರ್ವೈಶ್ವರ್ಯ ಪೂಜೆಯ ಆಮಂತ್ರಣವನ್ನು ಮುಲ್ಕಿ ಸೀಮೆಯ ಅರಸರಾದ ದುಗ್ಗಣ್ಣ ಸಾವಂತರು ಬಿಡುಗಡೆಗೊಳಿಸಿದರು. ಪ್ರಾಣ ಪ್ರತಿಷ್ಠಾನದ ಮಾರ್ಗದರ್ಶಕ ಪಿ.ಜೆ., ಯೋಗಚಾರ್ಯ ವಿನೋದ್, ಟ್ರಸ್ಟಿ ಗಣೇಶ್ ಮುಲ್ಕಿ, ಅನಂತ್ ಹೆಜಮಾಡಿ, ಕಾರ್ನಾಡ್ ಶ್ರೀರಾಮ ಸೇವಾ ಮಂಡಳಿಯ ಕೋಶಾಧಿಕಾರಿ ಕೇಶವ್ ಮುಲ್ಕಿ, ಜೆಸಿಐ ಮುಲ್ಕಿ ಶಾಂಭವಿ ಅಧ್ಯಕ್ಷ ಭಾಸ್ಕರ್ ಶೆಟ್ಟಿಗಾರ್ ಉಪಸ್ಥಿತರಿದ್ದರು.
ಕಲ್ಲಡ್ಕ ಶ್ರೀರಾಮ ಹಿರಿಯ ಪ್ರಾಥಮಿಕ ಶಾಲೆಯಲ್ಲಿ ‘ದೀಪಪ್ರದಾನ’ | ಪ್ರೌಢಶಾಲಾ ಮಕ್ಕಳಿಗೆ ಪುಸ್ತಕ, ಸಮವಸ್ತ್ರ ವಿತರಣೆ
ಸಂಸ್ಕಾರಯುತ ಶಿಕ್ಷಣವು ಜೀವನದ ಆಧಾರ ಶಿಲೆ: ವಿಷ್ಣುಪ್ರಸಾದ್ ಹೆಬ್ಬಾರ್
ಬಂಟ್ವಾಳ: ಕಲ್ಲಡ್ಕ ಶ್ರೀ ರಾಮ ಹಿರಿಯ ಪ್ರಾಥಮಿಕ ಶಾಲೆಯ ವೇದವ್ಯಾಸ ಧ್ಯಾನ ಮಂದಿರದಲ್ಲಿ 7ನೇ ತರಗತಿಯ ಬೀಳ್ಕೊಡುಗೆ ‘ದೀಪ ಪ್ರದಾನ’ ಕಾರ್ಯಕ್ರಮ ನಡೆಯಿತು. ಮುಖ್ಯ ಅತಿಥಿಯಾಗಿ ಬೆಂಗಳೂರು ಮಣಿಪಾಲ ಫೌಂಡೇಶನ್‌ನ ಮುಖ್ಯ ಕಾರ್ಯನಿರ್ವಹಣಾಧಿಕಾರಿ ಹರಿನಾರಾಯಣ ಶರ್ಮ ಭಾಗವಹಿಸಿ, ಸಂಸ್ಕಾರಯುತ ಶಿಕ್ಷಣವನ್ನು ನೀಡುತ್ತಿರುವ ವಿದ್ಯಾಕೇಂದ್ರದ ಕಾರ್ಯಚಟುವಟಿಕೆಯನ್ನು ಶ್ಲಾಘಿಸಿ, ಈ ರೀತಿಯಾಗಿ ಮಕ್ಕಳಿಗೆ ಸಂಸ್ಕಾರದ ಜೊತೆಯಲ್ಲಿ ಶಿಕ್ಷಣ ದೊರೆಯುವ ಶಾಲೆಯನ್ನು ಎಲ್ಲಿಯೂ ಕಂಡಿಲ್ಲ ಎಂದು ಮೆಚ್ಚುಗೆ ವ್ಯಕ್ತಪಡಿಸಿದರು. ಪರಂಪರಾ ವಿದ್ಯಾಪೀಠಂ ಅಲಿಕೋಡೆ ಕೆರಳಂ, ಬೆಕಲ ಗೋಕುಲಂ ಗೋಶಾಲಾ ಸ್ಥಾಪಕ ಜ್ಯೋತಿಷಿ
ವಿಷ್ಣುಪ್ರಸಾದ್ ಹೆಬ್ಬಾರ್ ಮಾತನಾಡಿ, ಜೀವನದ ಆಧಾರ ಶಿಲೆ ವಿದ್ಯೆ. ಭಾರತೀಯ ಸಂಸ್ಕೃತಿ, ಭಾಷೆ, ವಿದ್ಯೆ ನಮ್ಮಲ್ಲಿರಬೇಕು. ಮಾತೃ ಭಾಷೆಯಲ್ಲಿ ದೊರೆಯುವ ಸ್ವಾತಂತ್ರ್ಯ ಬೇರೆ ಭಾಷೆಯಲ್ಲಿ ಬರಲು ಸಾಧ್ಯವಿಲ್ಲ. ಶ್ಲೋಕಗಳನ್ನು ಪಠಣ ಮಾಡುವುದರಿಂದ
ಸಂಸ್ಕಾರ ಸಿಗುತ್ತದೆ ಎಂದರು. ಪುತ್ತೂರು ವಿವೇಕಾನಂದ ವಿದ್ಯಾವರ್ಧಕ ಸಂಘದ ಅಧ್ಯಕ್ಷ ಡಾ. ಪ್ರಭಾಕರ್ ಭಟ್ ಕಲ್ಲಡ್ಕ ಅವರು ಸಭಾಧ್ಯಕ್ಷತೆ ವಹಿಸಿ, ಶಿಕ್ಷಣದ ಜೊತೆಗೆ ಸಂಸ್ಕಾರ ದೊರಕಬೇಕು. ಭಾರತೀಯರಾಗಿಯೇ ಇರಬೇಕು
ಎಂಬ ಉದ್ದೇಶದಿಂದ ಈ ಶಾಲೆ ಪ್ರಾರಂಭವಾಯಿತು. ಶಿಕ್ಷಣದ ಜೊತೆಯಲ್ಲಿ ಸಂಸ್ಕಾರವನ್ನು ಜೋಡಿಸಿಕೊಳ್ಳುವುದು ನಮ್ಮತನ ರೂಪಿಸುವಂತದ್ದು. ಮೊದಲು ಸಂಸ್ಕಾರ ಕೊಡುವವಳು ತಾಯಿ. ನಮ್ಮ ಮಾತೃ ಭಾಷೆಯಲ್ಲಿ ಶಿಕ್ಷಣ ದೊರೆತಾಗ ನಮ್ಮ ಸಂಸ್ಕಾರ ಗಟ್ಟಿಯಾಗುತ್ತದೆ ಎಂದರು. ಮೊದಲಿಗೆ 7ನೇ ತರಗತಿಯ ವಿದ್ಯಾರ್ಥಿಗಳು ಭಾರತ ಮಾತೆಗೆ ಪುಷ್ಪಾರ್ಚನೆಗೈದು, ತಿಲಕಧಾರಣೆ ಮಾಡಿ, ಹಿರಿಯರಿಂದ ಆಶೀರ್ವಾದ ಪಡೆದುಕೊಂಡರು. 6ನೇ ವಿದ್ಯಾರ್ಥಿಗಳು 7ನೇ ತರಗತಿ ವಿದ್ಯಾರ್ಥಿಗಳಿಗೆ ಪುಷ್ಪ ಪ್ರದಾನ ಮಾಡಿದರು. 6ನೇ ತರಗತಿಯ ವಿದ್ಯಾರ್ಥಿ ಭೂಮಿಕಾ ಪ್ರೇರಣಾ ಗೀತೆ ಹಾಡಿದರು. ಪ್ರಾಥಮಿಕ ಹಾಗೂ ಪ್ರೌಢಶಾಲಾ ವಿದ್ಯಾರ್ಥಿಗಳಿಗೆ ಪುಸ್ತಕ ಹಾಗೂ ಸಮವಸ್ತ್ರ ವಿತರಿಸಲಾಯಿತು. ಇದೇ
ವೇಳೆ 7ನೇ ತರಗತಿಯ ವಿದ್ಯಾರ್ಥಿಗಳು ತಾವು ಕಲಿತ ಶಾಲೆಗೆ ಡೆಸ್ಕ್ ಬೆಂಚ್‌ಗಳನ್ನು ಕೊಡುಗೆಯಾಗಿ ನೀಡಿದರು. ಉಡುಪಿ ಏಸ್‌ಕ್ರೀಟ್ ಆಡಿಷನ್ಸ್ ಇಂಡಿಯಾದ ನಿರ್ದೇಶಕ ಸಂದೀಪ್ ಶೆಟ್ಟಿ, ಶ್ರೀರಾಮ ವಿದ್ಯಾಕೇಂದ್ರದ ಅಧ್ಯಕ್ಷ ನಾರಾಯಣ ಸೋಮಯಾಜಿ, ಸಂಚಾಲಕ ವಸಂತ ಮಾಧವ, ರಾಷ್ಟ್ರ ಸೇವಿಕ ಸಮಿತಿಯ ದಕ್ಷಿಣ ಪ್ರಾಂತದ ಮಾರ್ಗದರ್ಶಿ ಮಂಡಳಿಯ ಸದಸ್ಯೆ ಡಾ. ಕಮಲಾ ಪ್ರಭಾಕರ ಭಟ್, ಶ್ರೀರಾಮ ವಿದ್ಯಾಕೇಂದ್ರದ ಮುಖ್ಯ ಕಾರ್ಯನಿರ್ವಹಣಾಧಿಕಾರಿ ಕೃಷ್ಣಪ್ರಸಾದ್ ಕಾಯರ್ ಕಟ್ಟೆ, ಮುಖ್ಯೋಪಾಧ್ಯಾಯ ರವಿರಾಜ್ ಕಣಂತೂರು ಹಾಗೂ ಆಡಳಿತ ಮಂಡಳಿಯ ಸದಸ್ಯರು ಉಪಸ್ಥಿತರಿದ್ದರು ವಿದ್ಯಾರ್ಥಿಗಳಾದ ಪ್ರಾಪ್ತಿ ಸ್ವಾಗತಿಸಿ, ಸದ್ವಿ ನಿರೂಪಿಸಿ, ಪ್ರಣಮ್ಯ ವಂದಿಸಿದರು.
